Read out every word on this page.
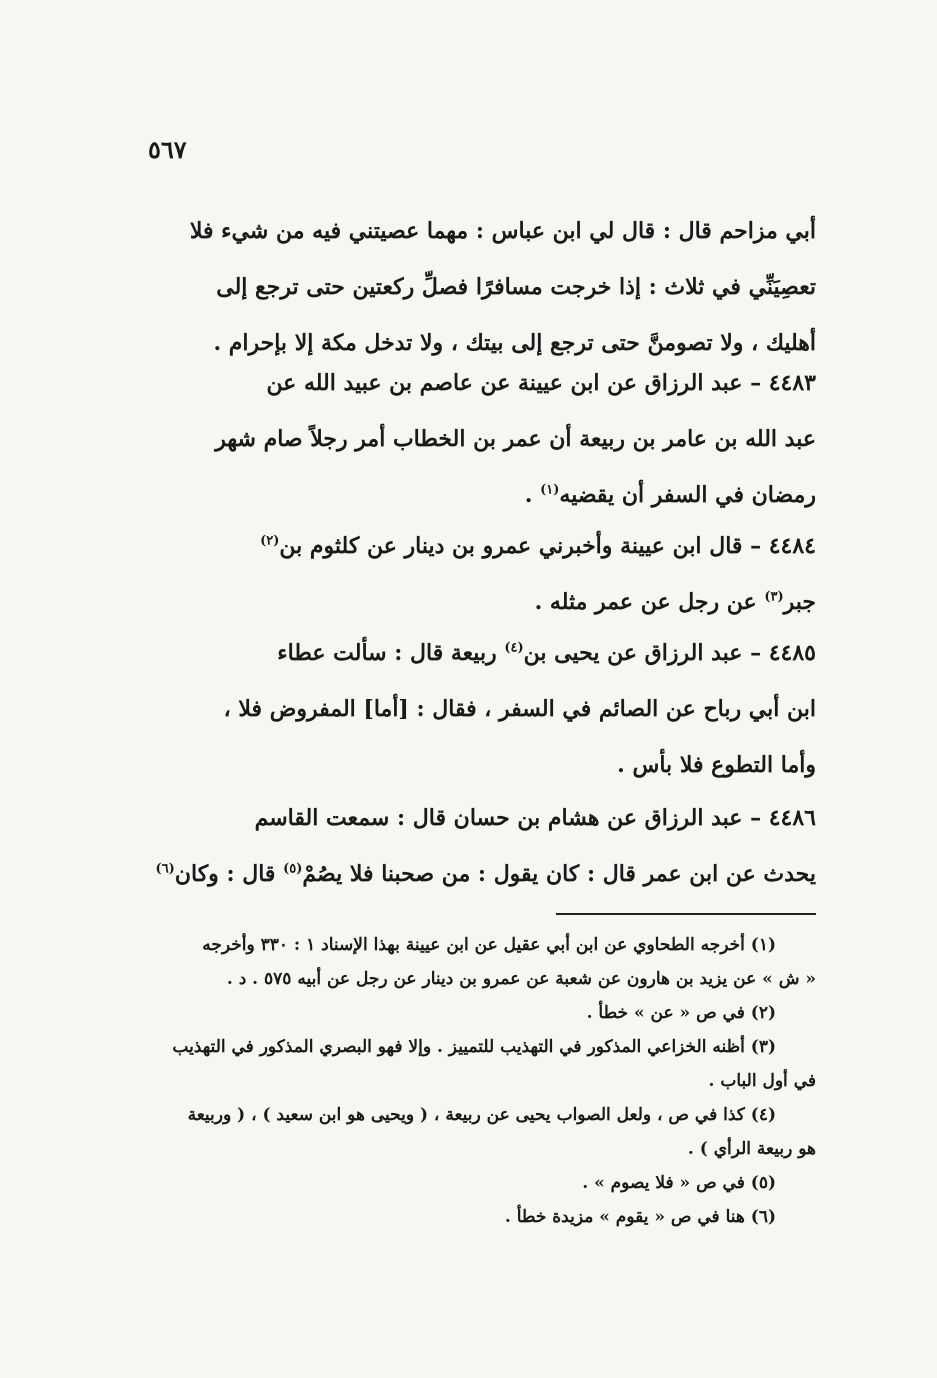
٥٦٧
أبي مزاحم قال : قال لي ابن عباس : مهما عصيتني فيه من شيء فلا
تعصِيَنِّي في ثلاث : إذا خرجت مسافرًا فصلِّ ركعتين حتى ترجع إلى
أهليك ، ولا تصومنَّ حتى ترجع إلى بيتك ، ولا تدخل مكة إلا بإحرام .
٤٤٨٣ – عبد الرزاق عن ابن عيينة عن عاصم بن عبيد الله عن
عبد الله بن عامر بن ربيعة أن عمر بن الخطاب أمر رجلاً صام شهر
رمضان في السفر أن يقضيه$^{(١)}$ .
٤٤٨٤ – قال ابن عيينة وأخبرني عمرو بن دينار عن كلثوم بن$^{(٢)}$
جبر$^{(٣)}$ عن رجل عن عمر مثله .
٤٤٨٥ – عبد الرزاق عن يحيى بن$^{(٤)}$ ربيعة قال : سألت عطاء
ابن أبي رباح عن الصائم في السفر ، فقال : [أما] المفروض فلا ،
وأما التطوع فلا بأس .
٤٤٨٦ – عبد الرزاق عن هشام بن حسان قال : سمعت القاسم
يحدث عن ابن عمر قال : كان يقول : من صحبنا فلا يصُمْ$^{(٥)}$ قال : وكان$^{(٦)}$
(١) أخرجه الطحاوي عن ابن أبي عقيل عن ابن عيينة بهذا الإسناد ١ : ٣٣٠ وأخرجه
« ش » عن يزيد بن هارون عن شعبة عن عمرو بن دينار عن رجل عن أبيه ٥٧٥ . د .
(٢) في ص « عن » خطأ .
(٣) أظنه الخزاعي المذكور في التهذيب للتمييز . وإلا فهو البصري المذكور في التهذيب
في أول الباب .
(٤) كذا في ص ، ولعل الصواب يحيى عن ربيعة ، ( ويحيى هو ابن سعيد ) ، ( وربيعة
هو ربيعة الرأي ) .
(٥) في ص « فلا يصوم » .
(٦) هنا في ص « يقوم » مزيدة خطأ .
